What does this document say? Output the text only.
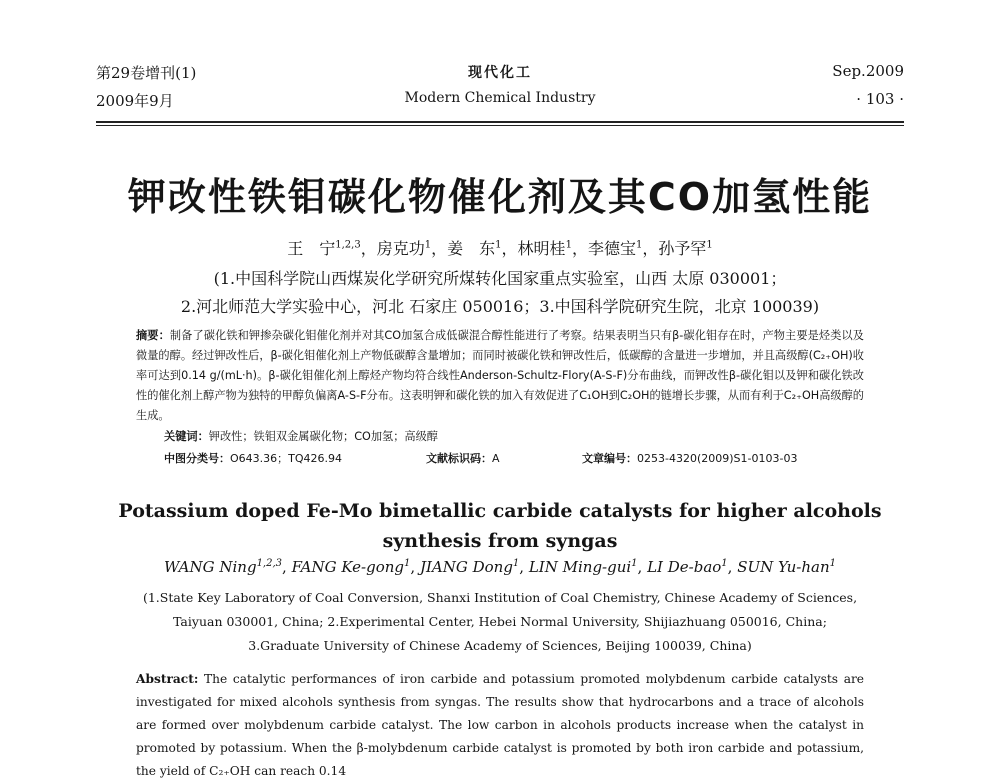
第29卷增刊(1)
2009年9月
现代化工
Modern Chemical Industry
Sep.2009
· 103 ·
钾改性铁钼碳化物催化剂及其CO加氢性能
王　宁$^{1,2,3}$，房克功$^1$，姜　东$^1$，林明桂$^1$，李德宝$^1$，孙予罕$^1$
(1.中国科学院山西煤炭化学研究所煤转化国家重点实验室，山西 太原 030001；
2.河北师范大学实验中心，河北 石家庄 050016；3.中国科学院研究生院，北京 100039)
摘要：制备了碳化铁和钾掺杂碳化钼催化剂并对其CO加氢合成低碳混合醇性能进行了考察。结果表明当只有β-碳化钼存在时，产物主要是烃类以及微量的醇。经过钾改性后，β-碳化钼催化剂上产物低碳醇含量增加；而同时被碳化铁和钾改性后，低碳醇的含量进一步增加，并且高级醇(C₂₊OH)收率可达到0.14 g/(mL·h)。β-碳化钼催化剂上醇烃产物均符合线性Anderson-Schultz-Flory(A-S-F)分布曲线，而钾改性β-碳化钼以及钾和碳化铁改性的催化剂上醇产物为独特的甲醇负偏离A-S-F分布。这表明钾和碳化铁的加入有效促进了C₁OH到C₂OH的链增长步骤，从而有利于C₂₊OH高级醇的生成。
关键词：钾改性；铁钼双金属碳化物；CO加氢；高级醇
中图分类号：O643.36；TQ426.94	文献标识码：A	文章编号：0253-4320(2009)S1-0103-03
Potassium doped Fe-Mo bimetallic carbide catalysts for higher alcohols synthesis from syngas
WANG Ning$^{1,2,3}$, FANG Ke-gong$^1$, JIANG Dong$^1$, LIN Ming-gui$^1$, LI De-bao$^1$, SUN Yu-han$^1$
(1.State Key Laboratory of Coal Conversion, Shanxi Institution of Coal Chemistry, Chinese Academy of Sciences,
Taiyuan 030001, China; 2.Experimental Center, Hebei Normal University, Shijiazhuang 050016, China;
3.Graduate University of Chinese Academy of Sciences, Beijing 100039, China)
Abstract: The catalytic performances of iron carbide and potassium promoted molybdenum carbide catalysts are investigated for mixed alcohols synthesis from syngas. The results show that hydrocarbons and a trace of alcohols are formed over molybdenum carbide catalyst. The low carbon in alcohols products increase when the catalyst in promoted by potassium. When the β-molybdenum carbide catalyst is promoted by both iron carbide and potassium, the yield of C₂₊OH can reach 0.14
